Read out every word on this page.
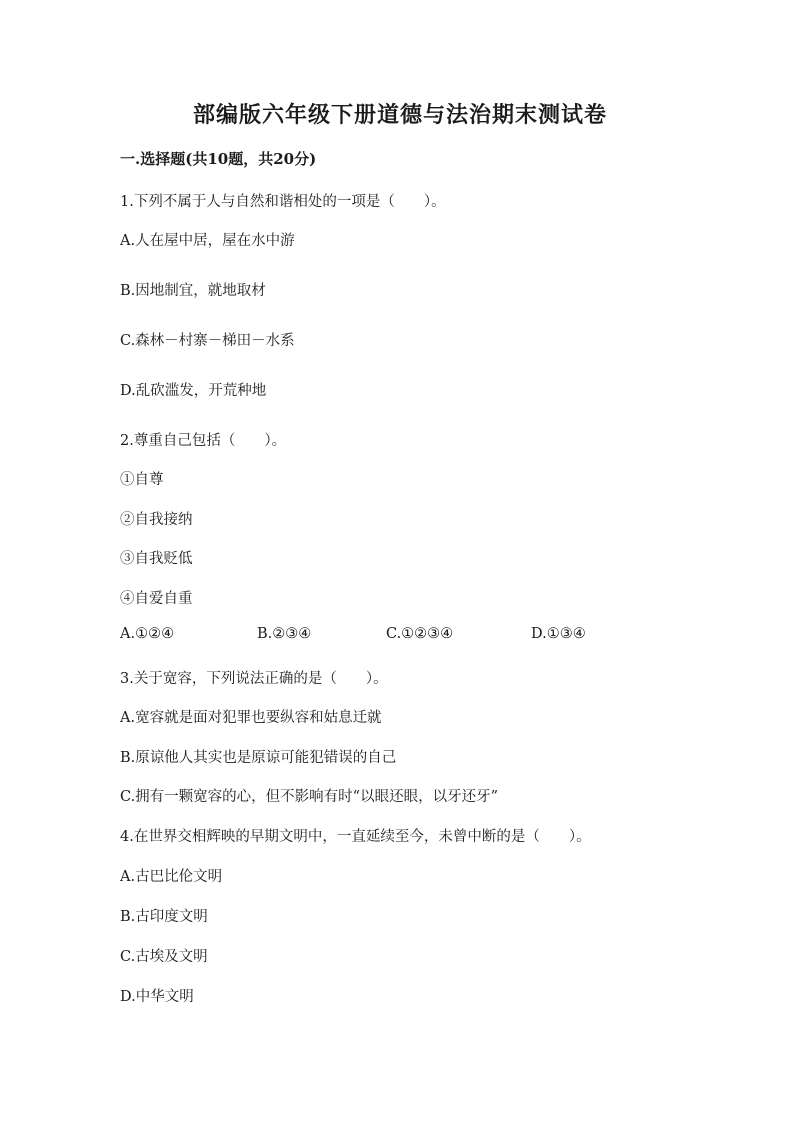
部编版六年级下册道德与法治期末测试卷
一.选择题(共10题，共20分)
1.下列不属于人与自然和谐相处的一项是（　　）。
A.人在屋中居，屋在水中游
B.因地制宜，就地取材
C.森林－村寨－梯田－水系
D.乱砍滥发，开荒种地
2.尊重自己包括（　　）。
①自尊
②自我接纳
③自我贬低
④自爱自重
A.①②④	B.②③④	C.①②③④	D.①③④
3.关于宽容，下列说法正确的是（　　）。
A.宽容就是面对犯罪也要纵容和姑息迁就
B.原谅他人其实也是原谅可能犯错误的自己
C.拥有一颗宽容的心，但不影响有时“以眼还眼，以牙还牙”
4.在世界交相辉映的早期文明中，一直延续至今，未曾中断的是（　　）。
A.古巴比伦文明
B.古印度文明
C.古埃及文明
D.中华文明
